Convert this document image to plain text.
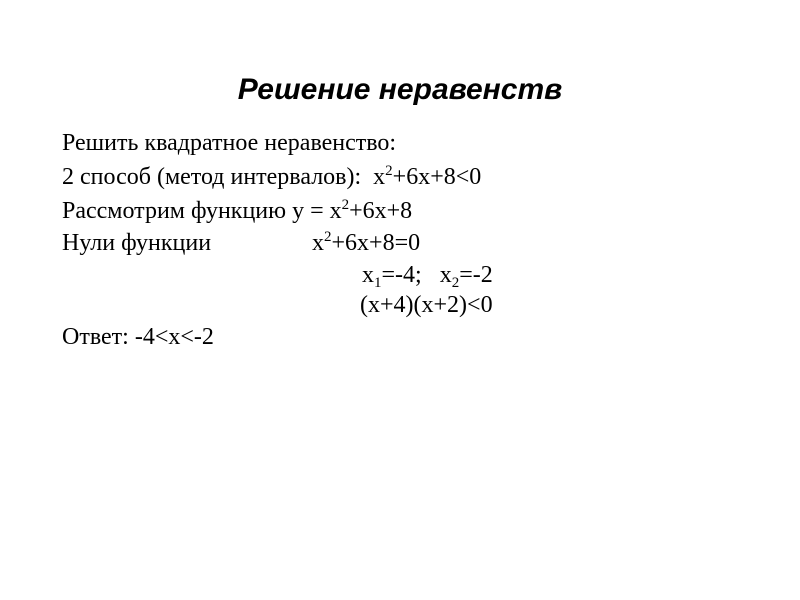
Решение неравенств

Решить квадратное неравенство:

2 способ (метод интервалов):  $х^2+6х+8<0$

Рассмотрим функцию $у = х^2+6х+8$

Нули функции	$х^2+6х+8=0$

$х_1=-4$;   $х_2=-2$

(х+4)(х+2)<0

Ответ: -4<х<-2
